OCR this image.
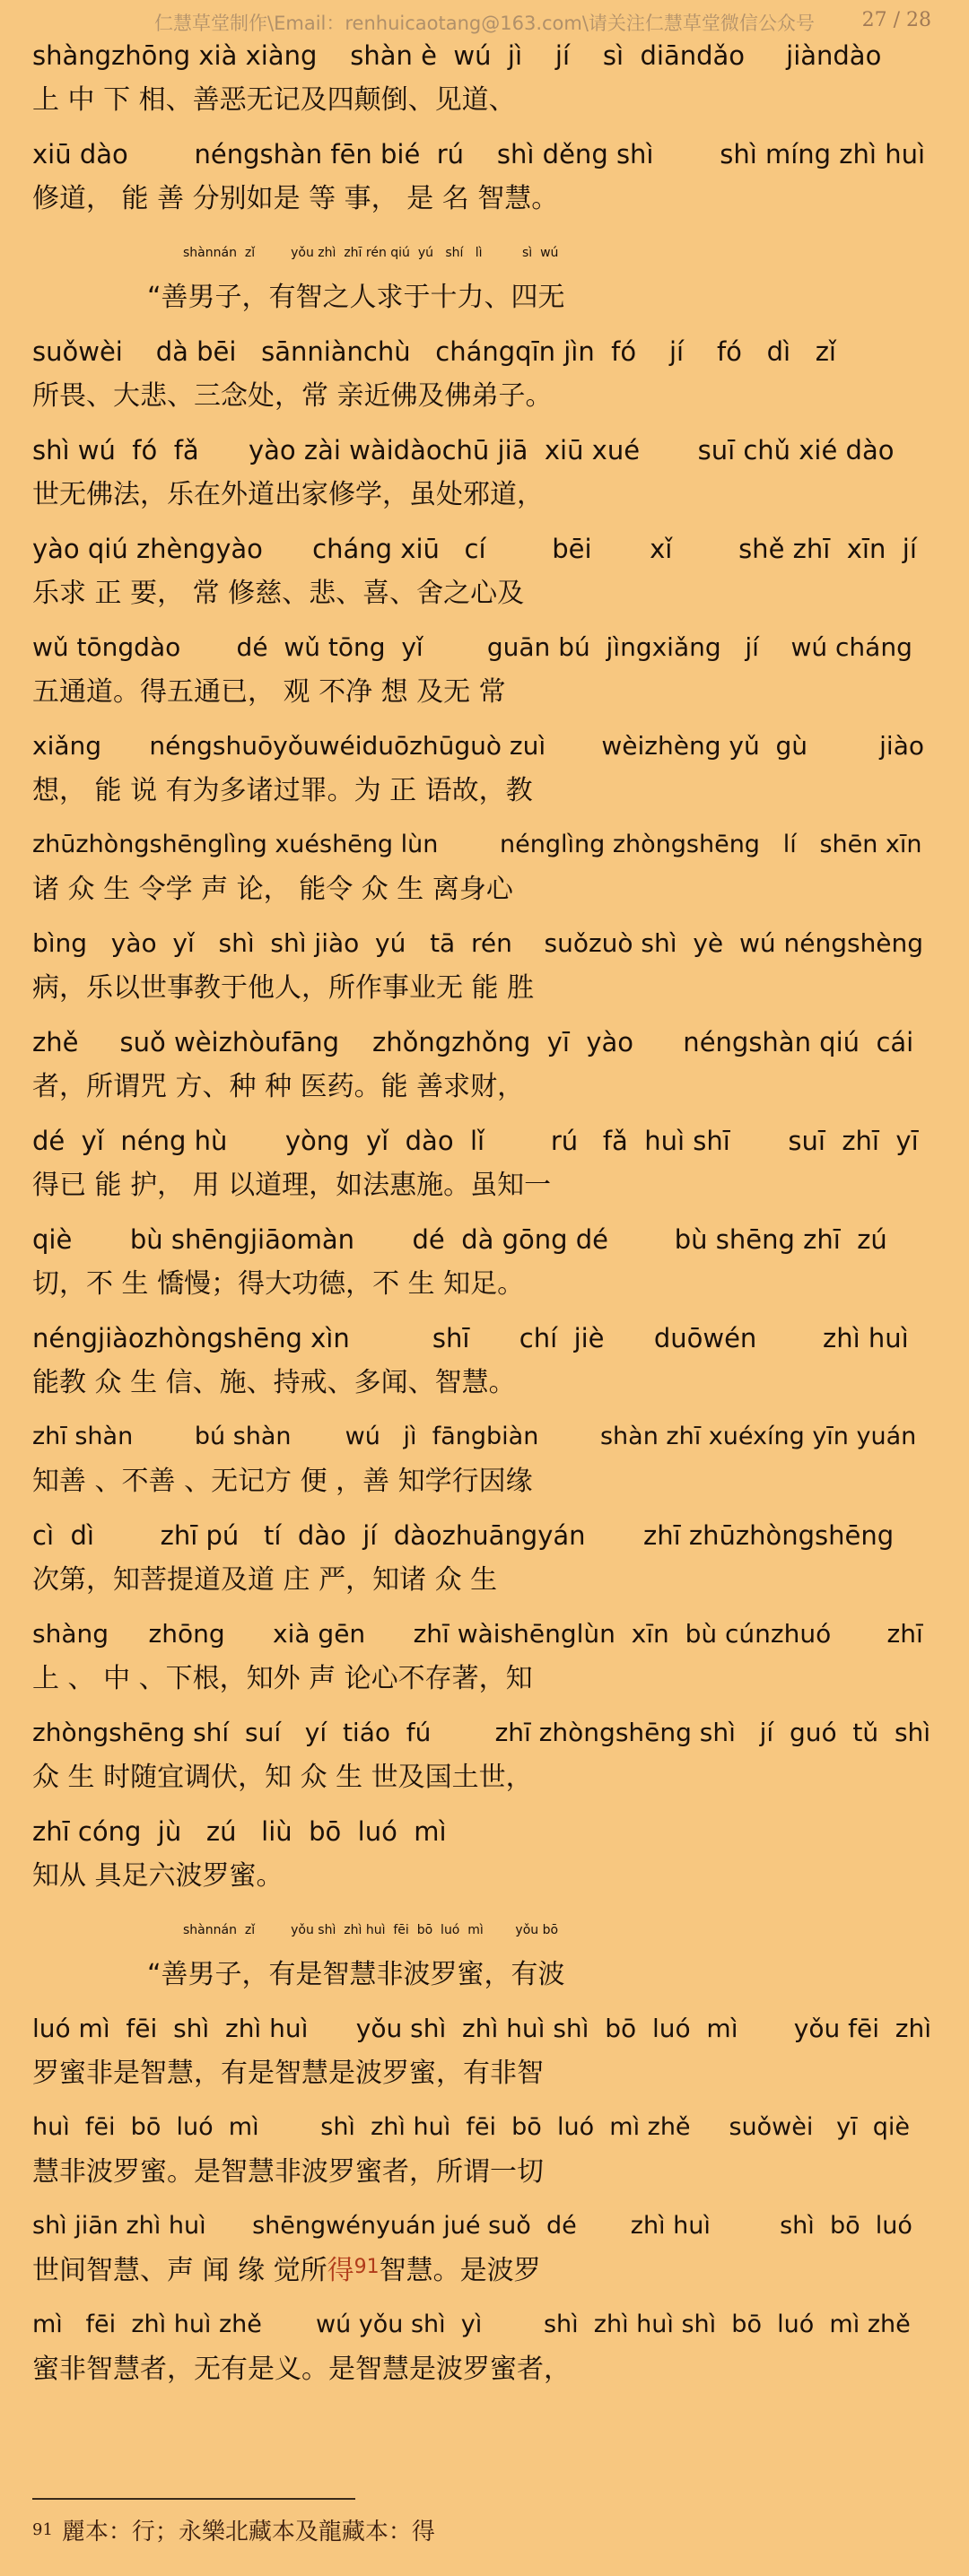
仁慧草堂制作\Email：renhuicaotang@163.com\请关注仁慧草堂微信公众号	27 / 28
shàngzhōng xià xiàng    shàn è  wú  jì    jí    sì  diāndǎo     jiàndào
上 中 下 相、善恶无记及四颠倒、见道、
xiū dào        néngshàn fēn bié  rú    shì děng shì        shì míng zhì huì
修道， 能 善 分别如是 等 事， 是 名 智慧。
shànnán  zǐ         yǒu zhì  zhī rén qiú  yú   shí   lì          sì  wú
“善男子，有智之人求于十力、四无
suǒwèi    dà bēi   sānniànchù   chángqīn jìn  fó    jí    fó   dì   zǐ
所畏、大悲、三念处，常 亲近佛及佛弟子。
shì wú  fó  fǎ      yào zài wàidàochū jiā  xiū xué       suī chǔ xié dào
世无佛法，乐在外道出家修学，虽处邪道，
yào qiú zhèngyào      cháng xiū   cí        bēi       xǐ        shě zhī  xīn  jí
乐求 正 要， 常 修慈、悲、喜、舍之心及
wǔ tōngdào       dé  wǔ tōng  yǐ        guān bú  jìngxiǎng   jí    wú cháng
五通道。得五通已， 观 不净 想 及无 常
xiǎng      néngshuōyǒuwéiduōzhūguò zuì       wèizhèng yǔ  gù         jiào
想， 能 说 有为多诸过罪。为 正 语故，教
zhūzhòngshēnglìng xuéshēng lùn        nénglìng zhòngshēng   lí   shēn xīn
诸 众 生 令学 声 论， 能令 众 生 离身心
bìng   yào  yǐ   shì  shì jiào  yú   tā  rén    suǒzuò shì  yè  wú néngshèng
病，乐以世事教于他人，所作事业无 能 胜
zhě     suǒ wèizhòufāng    zhǒngzhǒng  yī  yào      néngshàn qiú  cái
者，所谓咒 方、种 种 医药。能 善求财，
dé  yǐ  néng hù       yòng  yǐ  dào  lǐ        rú   fǎ  huì shī       suī  zhī  yī
得已 能 护， 用 以道理，如法惠施。虽知一
qiè       bù shēngjiāomàn       dé  dà gōng dé        bù shēng zhī  zú
切，不 生 憍慢；得大功德，不 生 知足。
néngjiàozhòngshēng xìn          shī      chí  jiè      duōwén        zhì huì
能教 众 生 信、施、持戒、多闻、智慧。
zhī shàn        bú shàn       wú   jì  fāngbiàn        shàn zhī xuéxíng yīn yuán
知善 、不善 、无记方 便 ，善 知学行因缘
cì  dì        zhī pú   tí  dào  jí  dàozhuāngyán       zhī zhūzhòngshēng
次第，知菩提道及道 庄 严，知诸 众 生
shàng     zhōng      xià gēn      zhī wàishēnglùn  xīn  bù cúnzhuó       zhī
上 、 中 、下根，知外 声 论心不存著，知
zhòngshēng shí  suí   yí  tiáo  fú        zhī zhòngshēng shì   jí  guó  tǔ  shì
众 生 时随宜调伏，知 众 生 世及国土世，
zhī cóng  jù   zú   liù  bō  luó  mì
知从 具足六波罗蜜。
shànnán  zǐ         yǒu shì  zhì huì  fēi  bō  luó  mì        yǒu bō
“善男子，有是智慧非波罗蜜，有波
luó mì  fēi  shì  zhì huì      yǒu shì  zhì huì shì  bō  luó  mì       yǒu fēi  zhì
罗蜜非是智慧，有是智慧是波罗蜜，有非智
huì  fēi  bō  luó  mì        shì  zhì huì  fēi  bō  luó  mì zhě     suǒwèi   yī  qiè
慧非波罗蜜。是智慧非波罗蜜者，所谓一切
shì jiān zhì huì      shēngwényuán jué suǒ  dé       zhì huì         shì  bō  luó
世间智慧、声 闻 缘 觉所得$^{91}$智慧。是波罗
mì   fēi  zhì huì zhě       wú yǒu shì  yì        shì  zhì huì shì  bō  luó  mì zhě
蜜非智慧者，无有是义。是智慧是波罗蜜者，
$^{91}$ 麗本：行；永樂北藏本及龍藏本：得
